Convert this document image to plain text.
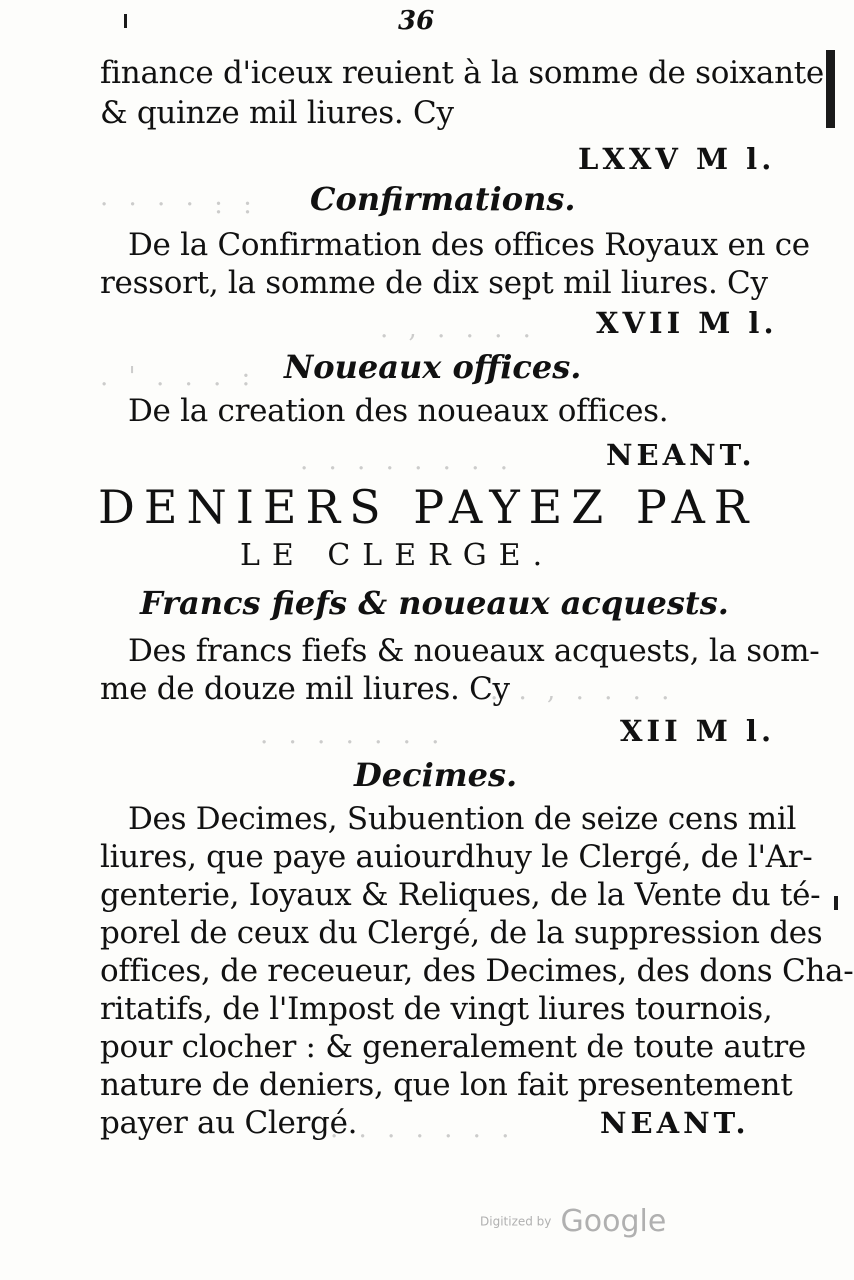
36
finance d'iceux reuient à la somme de soixante
& quinze mil liures. Cy
LXXV M l.
· · · · : : Confirmations.
De la Confirmation des offices Royaux en ce
ressort, la somme de dix sept mil liures. Cy
. , . . . . XVII M l.
. ' . . . : Noueaux offices.
De la creation des noueaux offices.
. . . . . . . .	NEANT.
DENIERS PAYEZ PAR
LE CLERGE.
Francs fiefs & noueaux acquests.
Des francs fiefs & noueaux acquests, la som-
me de douze mil liures. Cy
. . , . . . .
. . . . . . .	XII M l.
Decimes.
Des Decimes, Subuention de seize cens mil
liures, que paye auiourdhuy le Clergé, de l'Ar-
genterie, Ioyaux & Reliques, de la Vente du té-
porel de ceux du Clergé, de la suppression des
offices, de receueur, des Decimes, des dons Cha-
ritatifs, de l'Impost de vingt liures tournois,
pour clocher : & generalement de toute autre
nature de deniers, que lon fait presentement
payer au Clergé.
. . . . . . .	NEANT.
Digitized by Google
